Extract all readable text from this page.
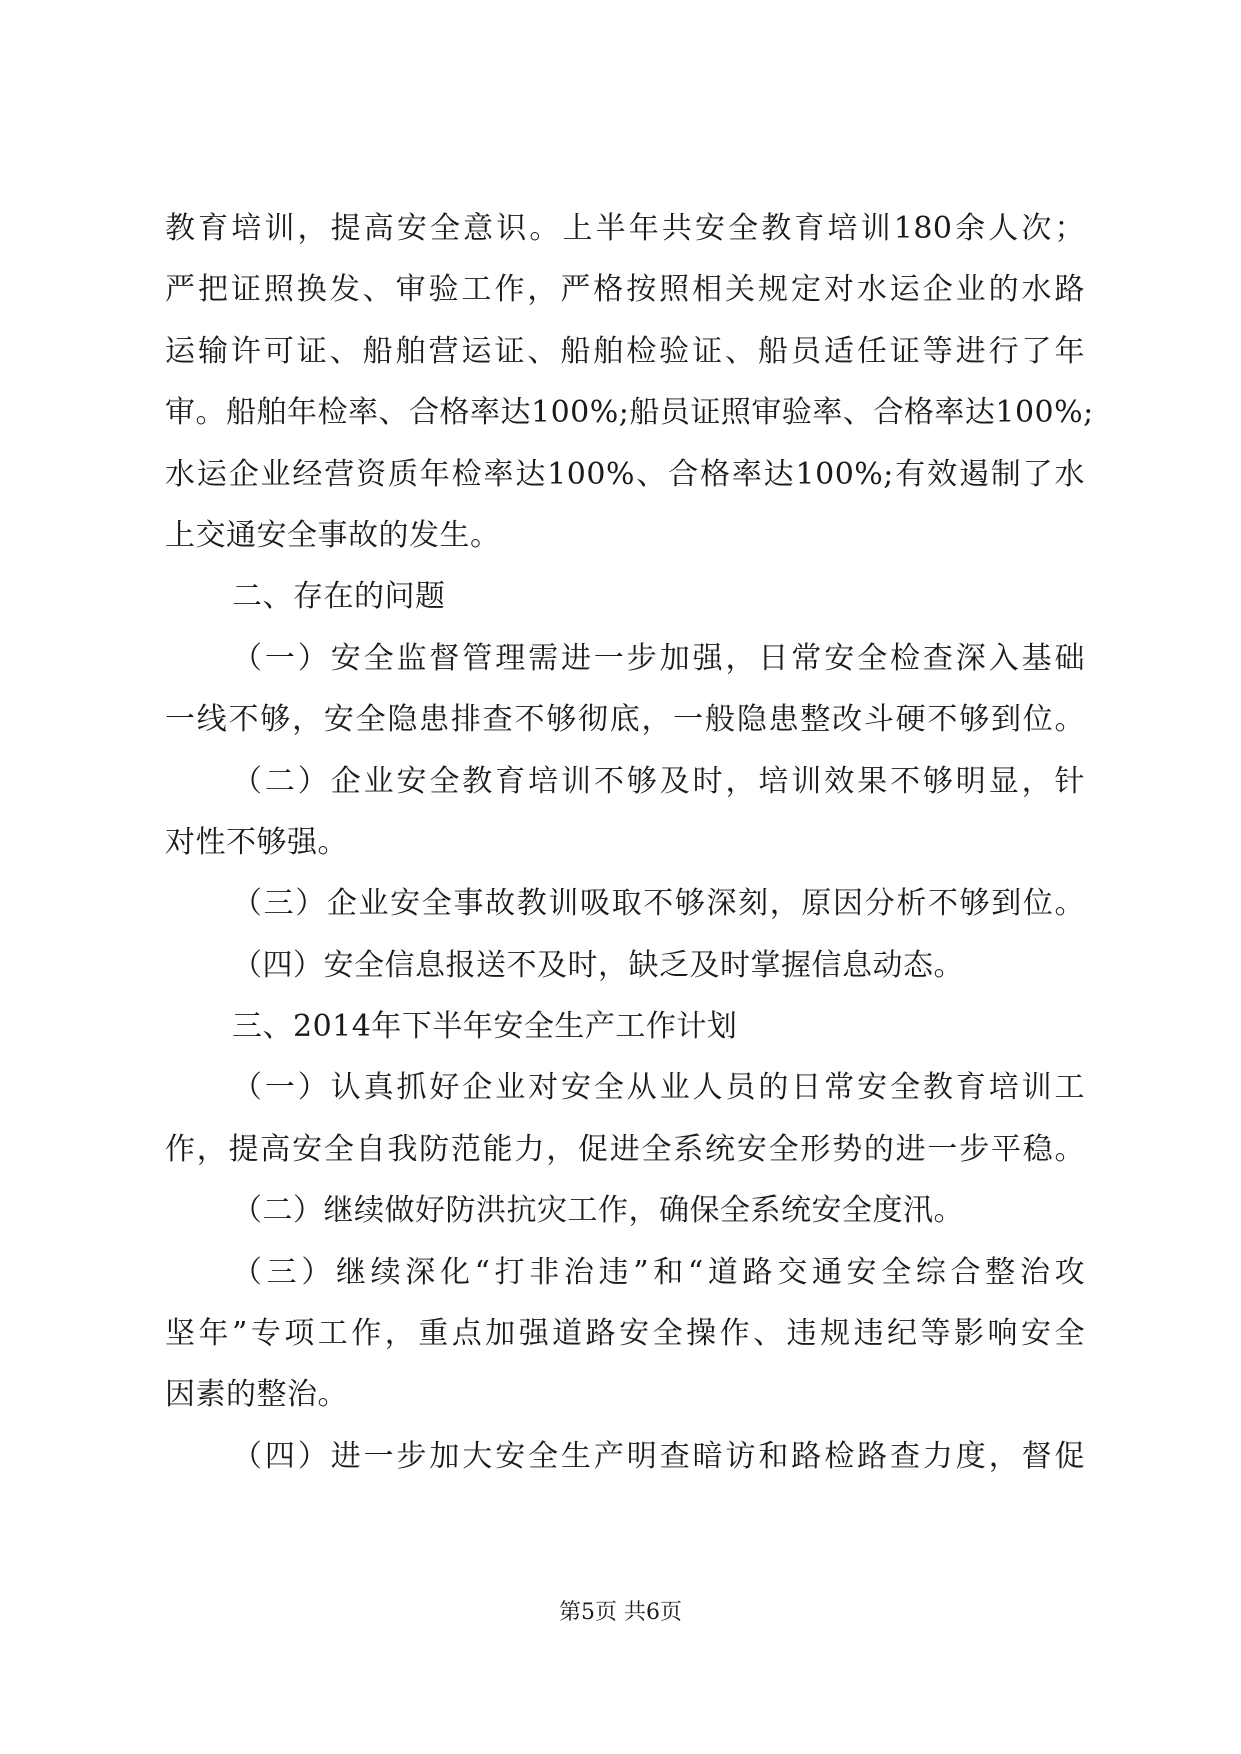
教育培训，提高安全意识。上半年共安全教育培训180余人次；
严把证照换发、审验工作，严格按照相关规定对水运企业的水路
运输许可证、船舶营运证、船舶检验证、船员适任证等进行了年
审。船舶年检率、合格率达100%;船员证照审验率、合格率达100%;
水运企业经营资质年检率达100%、合格率达100%;有效遏制了水
上交通安全事故的发生。
二、存在的问题
（一）安全监督管理需进一步加强，日常安全检查深入基础
一线不够，安全隐患排查不够彻底，一般隐患整改斗硬不够到位。
（二）企业安全教育培训不够及时，培训效果不够明显，针
对性不够强。
（三）企业安全事故教训吸取不够深刻，原因分析不够到位。
（四）安全信息报送不及时，缺乏及时掌握信息动态。
三、2014年下半年安全生产工作计划
（一）认真抓好企业对安全从业人员的日常安全教育培训工
作，提高安全自我防范能力，促进全系统安全形势的进一步平稳。
（二）继续做好防洪抗灾工作，确保全系统安全度汛。
（三）继续深化“打非治违”和“道路交通安全综合整治攻
坚年”专项工作，重点加强道路安全操作、违规违纪等影响安全
因素的整治。
（四）进一步加大安全生产明查暗访和路检路查力度，督促
第5页 共6页
